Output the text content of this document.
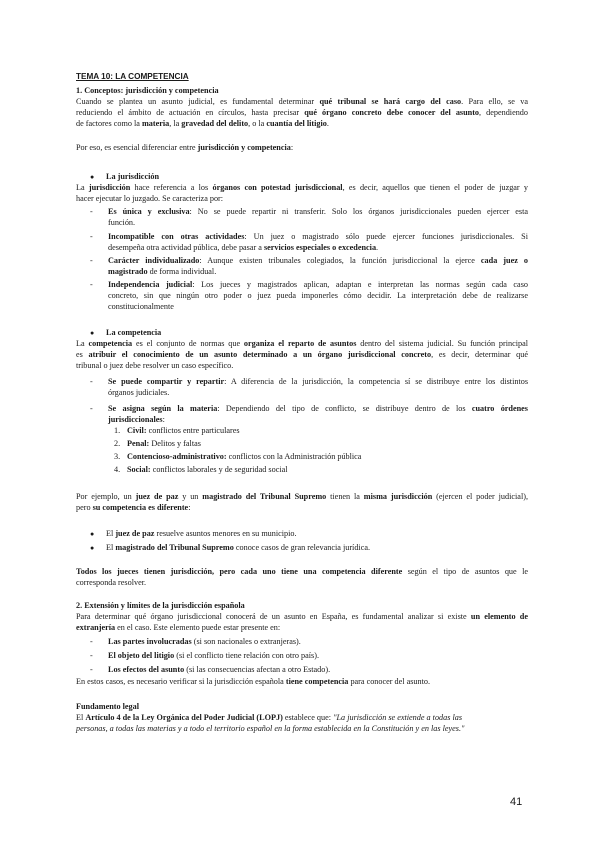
TEMA 10: LA COMPETENCIA
1. Conceptos: jurisdicción y competencia
Cuando se plantea un asunto judicial, es fundamental determinar qué tribunal se hará cargo del caso. Para ello, se va
reduciendo el ámbito de actuación en círculos, hasta precisar qué órgano concreto debe conocer del asunto, dependiendo
de factores como la materia, la gravedad del delito, o la cuantía del litigio.
Por eso, es esencial diferenciar entre jurisdicción y competencia:
● La jurisdicción
La jurisdicción hace referencia a los órganos con potestad jurisdiccional, es decir, aquellos que tienen el poder de juzgar y
hacer ejecutar lo juzgado. Se caracteriza por:
- Es única y exclusiva: No se puede repartir ni transferir. Solo los órganos jurisdiccionales pueden ejercer esta
función.
- Incompatible con otras actividades: Un juez o magistrado sólo puede ejercer funciones jurisdiccionales. Si
desempeña otra actividad pública, debe pasar a servicios especiales o excedencia.
- Carácter individualizado: Aunque existen tribunales colegiados, la función jurisdiccional la ejerce cada juez o
magistrado de forma individual.
- Independencia judicial: Los jueces y magistrados aplican, adaptan e interpretan las normas según cada caso
concreto, sin que ningún otro poder o juez pueda imponerles cómo decidir. La interpretación debe de realizarse
constitucionalmente
● La competencia
La competencia es el conjunto de normas que organiza el reparto de asuntos dentro del sistema judicial. Su función principal
es atribuir el conocimiento de un asunto determinado a un órgano jurisdiccional concreto, es decir, determinar qué
tribunal o juez debe resolver un caso específico.
- Se puede compartir y repartir: A diferencia de la jurisdicción, la competencia sí se distribuye entre los distintos
órganos judiciales.
- Se asigna según la materia: Dependiendo del tipo de conflicto, se distribuye dentro de los cuatro órdenes
jurisdiccionales:
1. Civil: conflictos entre particulares
2. Penal: Delitos y faltas
3. Contencioso-administrativo: conflictos con la Administración pública
4. Social: conflictos laborales y de seguridad social
Por ejemplo, un juez de paz y un magistrado del Tribunal Supremo tienen la misma jurisdicción (ejercen el poder judicial),
pero su competencia es diferente:
● El juez de paz resuelve asuntos menores en su municipio.
● El magistrado del Tribunal Supremo conoce casos de gran relevancia jurídica.
Todos los jueces tienen jurisdicción, pero cada uno tiene una competencia diferente según el tipo de asuntos que le
corresponda resolver.
2. Extensión y límites de la jurisdicción española
Para determinar qué órgano jurisdiccional conocerá de un asunto en España, es fundamental analizar si existe un elemento de
extranjería en el caso. Este elemento puede estar presente en:
- Las partes involucradas (si son nacionales o extranjeras).
- El objeto del litigio (si el conflicto tiene relación con otro país).
- Los efectos del asunto (si las consecuencias afectan a otro Estado).
En estos casos, es necesario verificar si la jurisdicción española tiene competencia para conocer del asunto.
Fundamento legal
El Artículo 4 de la Ley Orgánica del Poder Judicial (LOPJ) establece que: "La jurisdicción se extiende a todas las
personas, a todas las materias y a todo el territorio español en la forma establecida en la Constitución y en las leyes."
41
